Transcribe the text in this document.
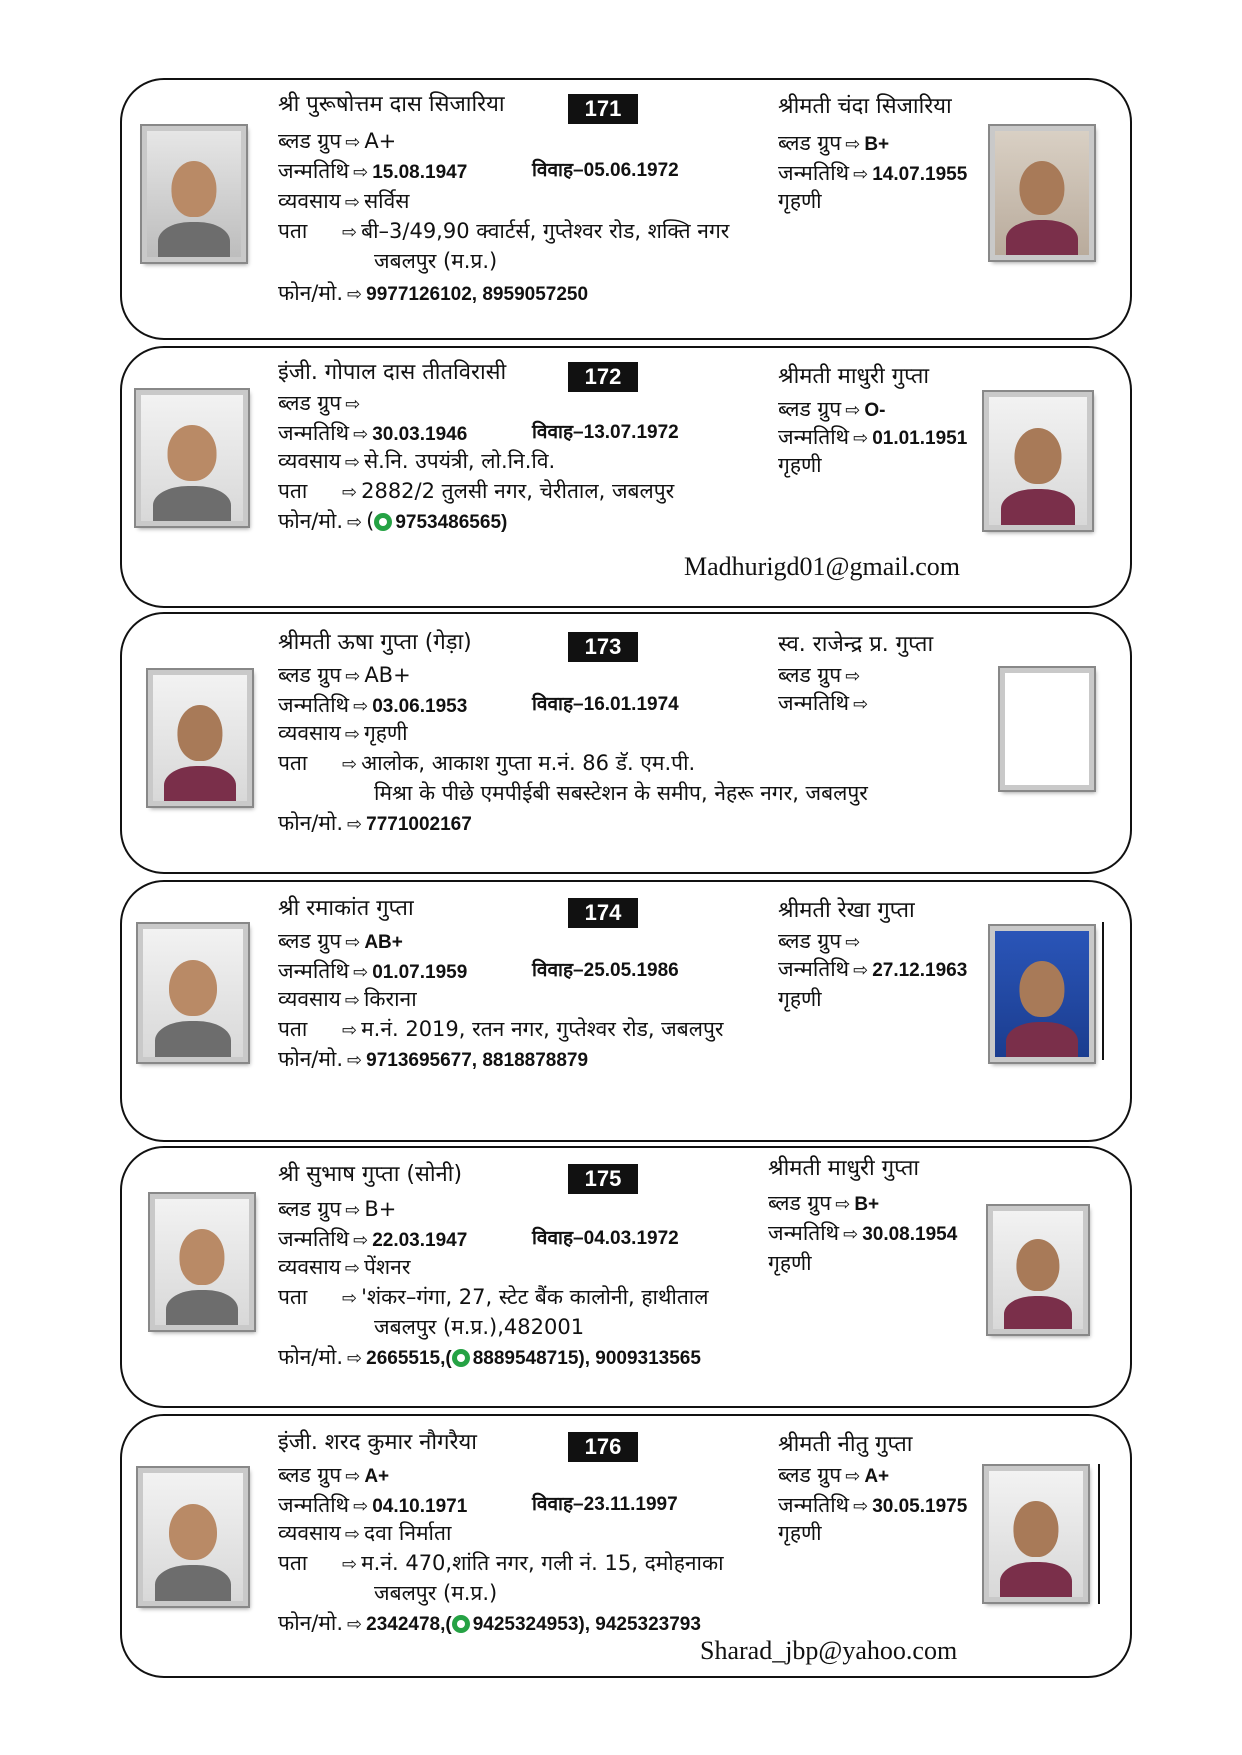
श्री पुरूषोत्तम दास सिजारिया	171
ब्लड ग्रुप ⇨ A+
जन्मतिथि ⇨ 15.08.1947	विवाह–05.06.1972
व्यवसाय ⇨ सर्विस
पता ⇨ बी–3/49,90 क्वार्टर्स, गुप्तेश्वर रोड, शक्ति नगर
जबलपुर (म.प्र.)
फोन/मो. ⇨ 9977126102, 8959057250
श्रीमती चंदा सिजारिया
ब्लड ग्रुप ⇨ B+
जन्मतिथि ⇨ 14.07.1955
गृहणी
इंजी. गोपाल दास तीतविरासी	172
ब्लड ग्रुप ⇨
जन्मतिथि ⇨ 30.03.1946	विवाह–13.07.1972
व्यवसाय ⇨ से.नि. उपयंत्री, लो.नि.वि.
पता ⇨ 2882/2 तुलसी नगर, चेरीताल, जबलपुर
फोन/मो. ⇨ ( 9753486565)
श्रीमती माधुरी गुप्ता
ब्लड ग्रुप ⇨ O-
जन्मतिथि ⇨ 01.01.1951
गृहणी
Madhurigd01@gmail.com
श्रीमती ऊषा गुप्ता (गेड़ा)	173
ब्लड ग्रुप ⇨ AB+
जन्मतिथि ⇨ 03.06.1953	विवाह–16.01.1974
व्यवसाय ⇨ गृहणी
पता ⇨ आलोक, आकाश गुप्ता म.नं. 86 डॅ. एम.पी.
मिश्रा के पीछे एमपीईबी सबस्टेशन के समीप, नेहरू नगर, जबलपुर
फोन/मो. ⇨ 7771002167
स्व. राजेन्द्र प्र. गुप्ता
ब्लड ग्रुप ⇨
जन्मतिथि ⇨
श्री रमाकांत गुप्ता	174
ब्लड ग्रुप ⇨ AB+
जन्मतिथि ⇨ 01.07.1959	विवाह–25.05.1986
व्यवसाय ⇨ किराना
पता ⇨ म.नं. 2019, रतन नगर, गुप्तेश्वर रोड, जबलपुर
फोन/मो. ⇨ 9713695677, 8818878879
श्रीमती रेखा गुप्ता
ब्लड ग्रुप ⇨
जन्मतिथि ⇨ 27.12.1963
गृहणी
श्री सुभाष गुप्ता (सोनी)	175
ब्लड ग्रुप ⇨ B+
जन्मतिथि ⇨ 22.03.1947	विवाह–04.03.1972
व्यवसाय ⇨ पेंशनर
पता ⇨ 'शंकर–गंगा, 27, स्टेट बैंक कालोनी, हाथीताल
जबलपुर (म.प्र.),482001
फोन/मो. ⇨ 2665515,( 8889548715), 9009313565
श्रीमती माधुरी गुप्ता
ब्लड ग्रुप ⇨ B+
जन्मतिथि ⇨ 30.08.1954
गृहणी
इंजी. शरद कुमार नौगरैया	176
ब्लड ग्रुप ⇨ A+
जन्मतिथि ⇨ 04.10.1971	विवाह–23.11.1997
व्यवसाय ⇨ दवा निर्माता
पता ⇨ म.नं. 470,शांति नगर, गली नं. 15, दमोहनाका
जबलपुर (म.प्र.)
फोन/मो. ⇨ 2342478,( 9425324953), 9425323793
श्रीमती नीतु गुप्ता
ब्लड ग्रुप ⇨ A+
जन्मतिथि ⇨ 30.05.1975
गृहणी
Sharad_jbp@yahoo.com
